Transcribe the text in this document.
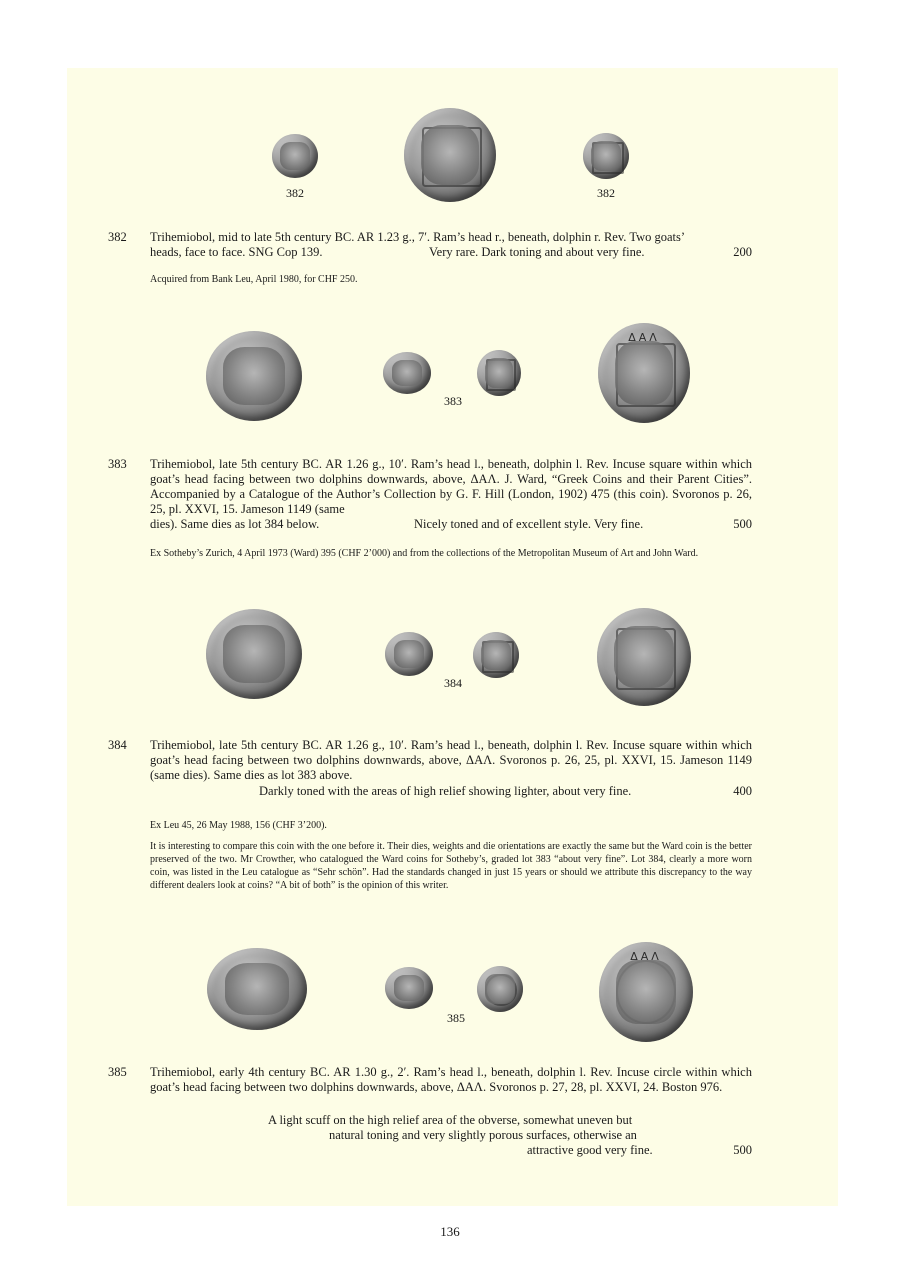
382	382
382 Trihemiobol, mid to late 5th century BC. AR 1.23 g., 7′. Ram’s head r., beneath, dolphin r. Rev. Two goats’
heads, face to face. SNG Cop 139.	Very rare. Dark toning and about very fine.	200
Acquired from Bank Leu, April 1980, for CHF 250.
ΔΑΛ
383
383 Trihemiobol, late 5th century BC. AR 1.26 g., 10′. Ram’s head l., beneath, dolphin l. Rev. Incuse square within which goat’s head facing between two dolphins downwards, above, ΔΑΛ. J. Ward, “Greek Coins and their Parent Cities”. Accompanied by a Catalogue of the Author’s Collection by G. F. Hill (London, 1902) 475 (this coin). Svoronos p. 26, 25, pl. XXVI, 15. Jameson 1149 (same
dies). Same dies as lot 384 below.	Nicely toned and of excellent style. Very fine.	500
Ex Sotheby’s Zurich, 4 April 1973 (Ward) 395 (CHF 2’000) and from the collections of the Metropolitan Museum of Art and John Ward.
384
384 Trihemiobol, late 5th century BC. AR 1.26 g., 10′. Ram’s head l., beneath, dolphin l. Rev. Incuse square within which goat’s head facing between two dolphins downwards, above, ΔΑΛ. Svoronos p. 26, 25, pl. XXVI, 15. Jameson 1149 (same dies). Same dies as lot 383 above.
Darkly toned with the areas of high relief showing lighter, about very fine.	400
Ex Leu 45, 26 May 1988, 156 (CHF 3’200).
It is interesting to compare this coin with the one before it. Their dies, weights and die orientations are exactly the same but the Ward coin is the better preserved of the two. Mr Crowther, who catalogued the Ward coins for Sotheby’s, graded lot 383 “about very fine”. Lot 384, clearly a more worn coin, was listed in the Leu catalogue as “Sehr schön”. Had the standards changed in just 15 years or should we attribute this discrepancy to the way different dealers look at coins? “A bit of both” is the opinion of this writer.
ΔΑΛ
385
385 Trihemiobol, early 4th century BC. AR 1.30 g., 2′. Ram’s head l., beneath, dolphin l. Rev. Incuse circle within which goat’s head facing between two dolphins downwards, above, ΔΑΛ. Svoronos p. 27, 28, pl. XXVI, 24. Boston 976.
A light scuff on the high relief area of the obverse, somewhat uneven but
natural toning and very slightly porous surfaces, otherwise an
attractive good very fine.	500
136
